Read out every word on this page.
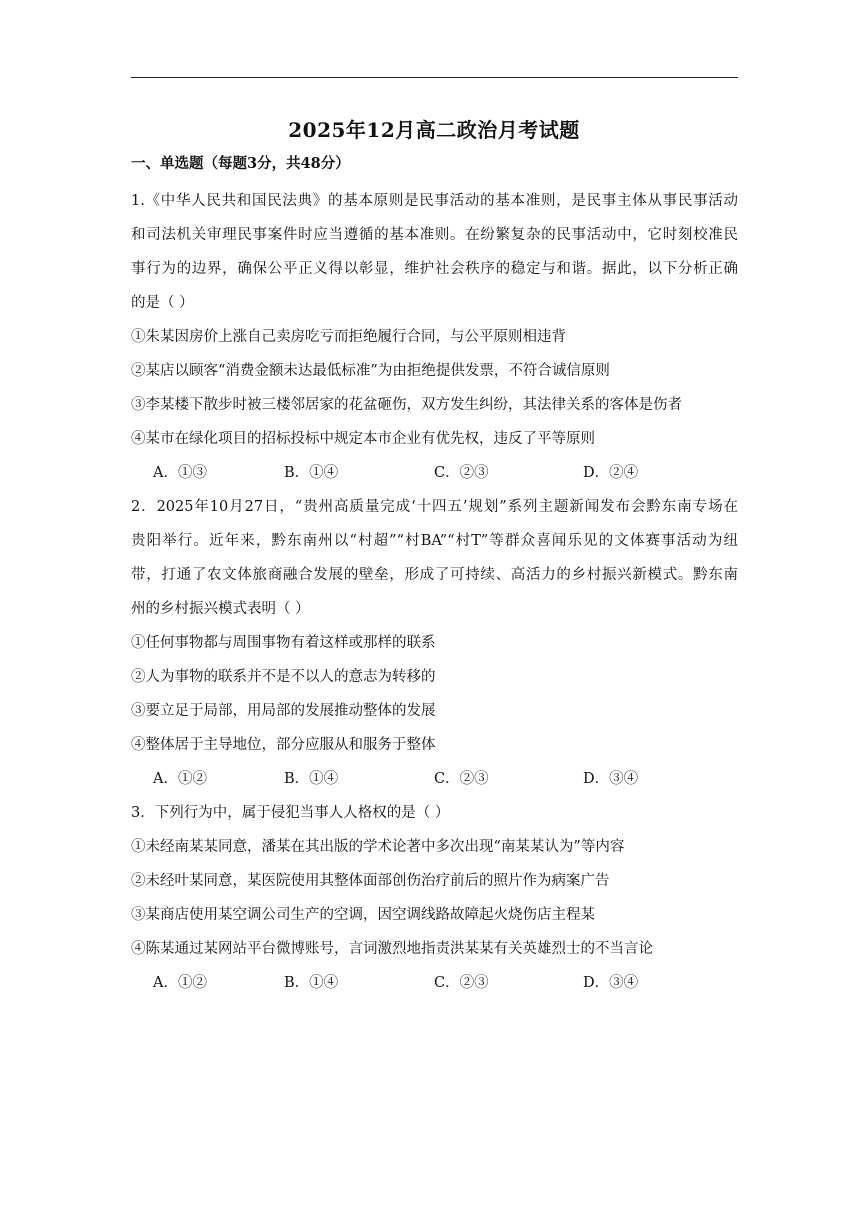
2025年12月高二政治月考试题
一、单选题（每题3分，共48分）
1.《中华人民共和国民法典》的基本原则是民事活动的基本准则，是民事主体从事民事活动
和司法机关审理民事案件时应当遵循的基本准则。在纷繁复杂的民事活动中，它时刻校准民
事行为的边界，确保公平正义得以彰显，维护社会秩序的稳定与和谐。据此，以下分析正确
的是（ ）
①朱某因房价上涨自己卖房吃亏而拒绝履行合同，与公平原则相违背
②某店以顾客“消费金额未达最低标准”为由拒绝提供发票，不符合诚信原则
③李某楼下散步时被三楼邻居家的花盆砸伤，双方发生纠纷，其法律关系的客体是伤者
④某市在绿化项目的招标投标中规定本市企业有优先权，违反了平等原则
A．①③	B．①④	C．②③	D．②④
2．2025年10月27日，“贵州高质量完成‘十四五’规划”系列主题新闻发布会黔东南专场在
贵阳举行。近年来，黔东南州以“村超”“村BA”“村T”等群众喜闻乐见的文体赛事活动为纽
带，打通了农文体旅商融合发展的壁垒，形成了可持续、高活力的乡村振兴新模式。黔东南
州的乡村振兴模式表明（ ）
①任何事物都与周围事物有着这样或那样的联系
②人为事物的联系并不是不以人的意志为转移的
③要立足于局部，用局部的发展推动整体的发展
④整体居于主导地位，部分应服从和服务于整体
A．①②	B．①④	C．②③	D．③④
3．下列行为中，属于侵犯当事人人格权的是（ ）
①未经南某某同意，潘某在其出版的学术论著中多次出现“南某某认为”等内容
②未经叶某同意，某医院使用其整体面部创伤治疗前后的照片作为病案广告
③某商店使用某空调公司生产的空调，因空调线路故障起火烧伤店主程某
④陈某通过某网站平台微博账号，言词激烈地指责洪某某有关英雄烈士的不当言论
A．①②	B．①④	C．②③	D．③④
